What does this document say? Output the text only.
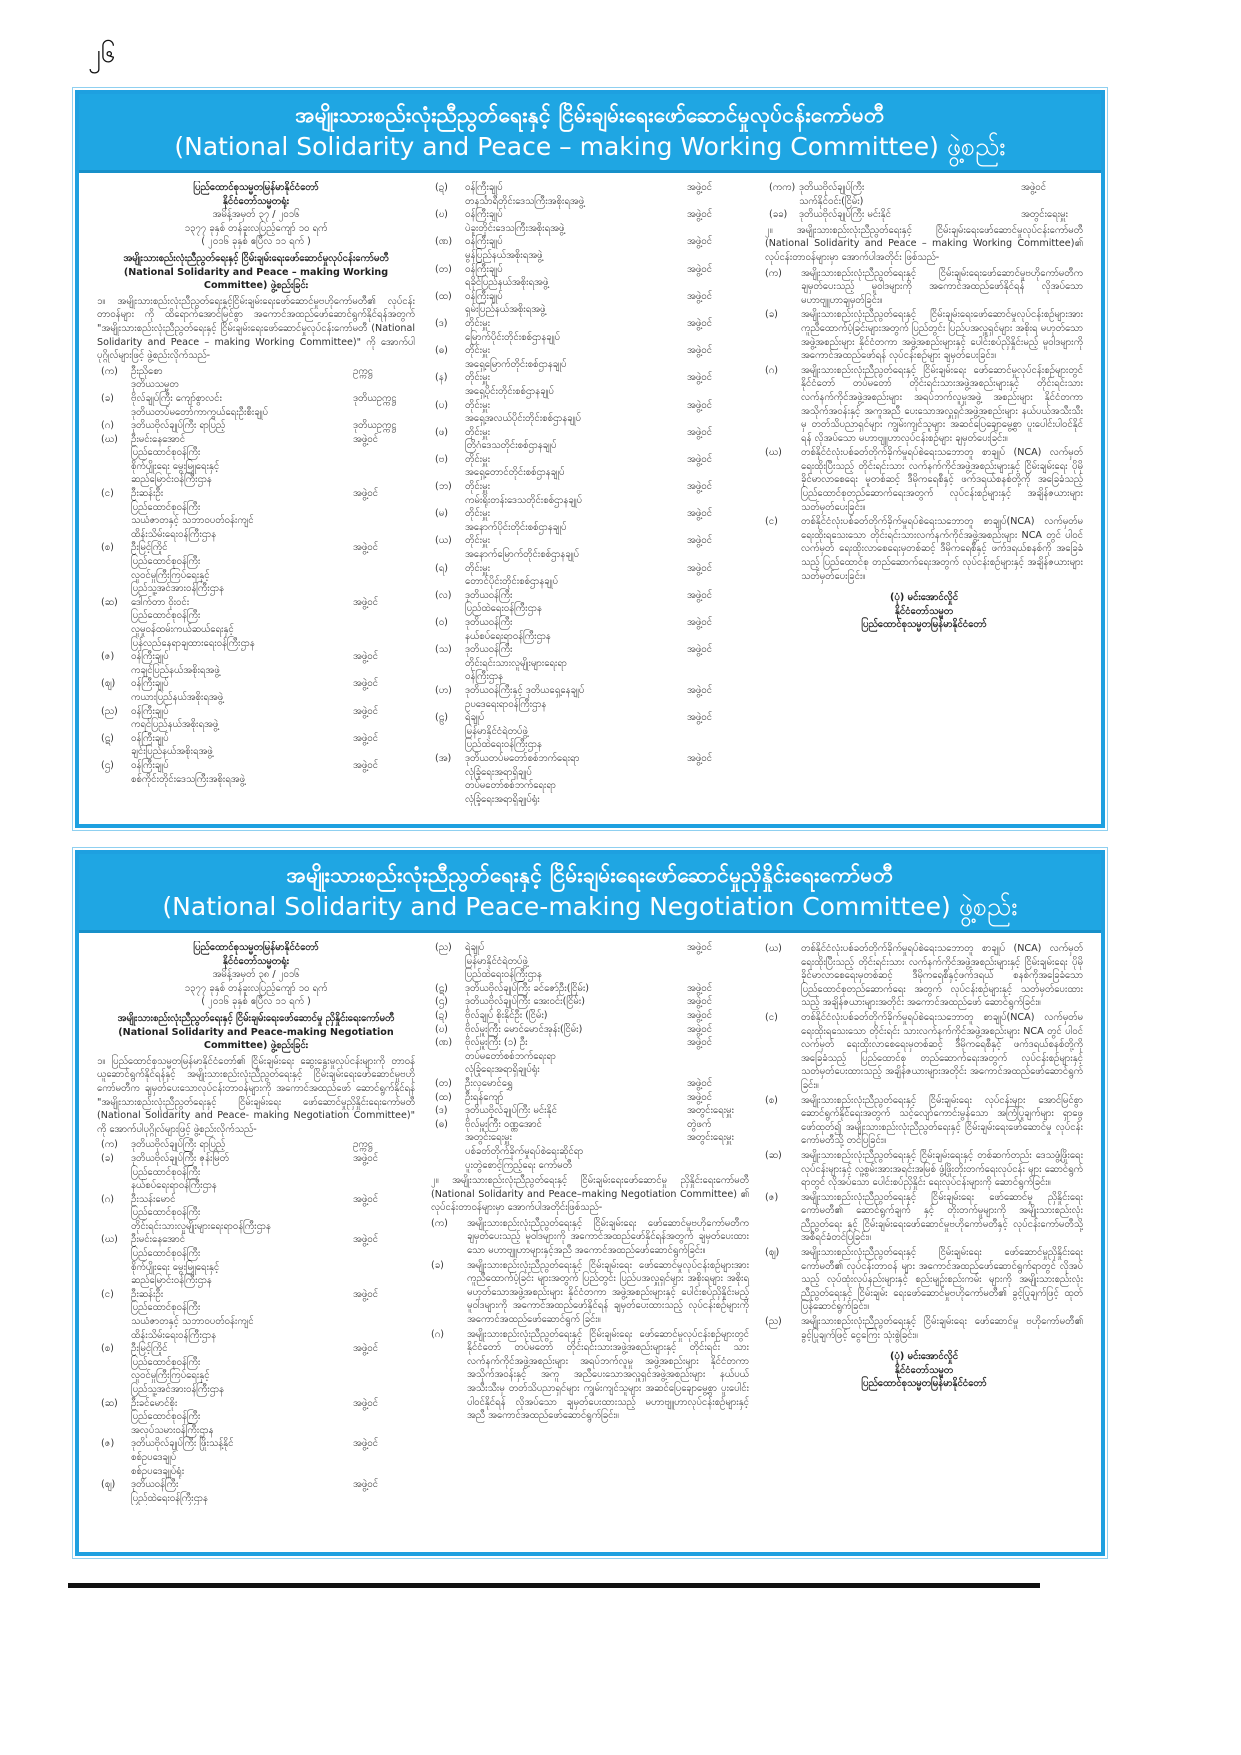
၂၆
အမျိုးသားစည်းလုံးညီညွတ်ရေးနှင့် ငြိမ်းချမ်းရေးဖော်ဆောင်မှုလုပ်ငန်းကော်မတီ
(National Solidarity and Peace – making Working Committee) ဖွဲ့စည်း
ပြည်ထောင်စုသမ္မတမြန်မာနိုင်ငံတော်
နိုင်ငံတော်သမ္မတရုံး
အမိန့်အမှတ် ၃၇ / ၂၀၁၆
၁၃၇၇ ခုနှစ် တန်ခူးလပြည့်ကျော် ၁၀ ရက်
( ၂၀၁၆ ခုနှစ် ဧပြီလ ၁၁ ရက် )
အမျိုးသားစည်းလုံးညီညွတ်ရေးနှင့် ငြိမ်းချမ်းရေးဖော်ဆောင်မှုလုပ်ငန်းကော်မတီ (National Solidarity and Peace – making Working Committee) ဖွဲ့စည်းခြင်း
၁။ အမျိုးသားစည်းလုံးညီညွတ်ရေးနှင့်ငြိမ်းချမ်းရေးဖော်ဆောင်မှုဗဟိုကော်မတီ၏ လုပ်ငန်းတာဝန်များ ကို ထိရောက်အောင်မြင်စွာ အကောင်အထည်ဖော်ဆောင်ရွက်နိုင်ရန်အတွက် "အမျိုးသားစည်းလုံးညီညွတ်ရေးနှင့် ငြိမ်းချမ်းရေးဖော်ဆောင်မှုလုပ်ငန်းကော်မတီ (National Solidarity and Peace – making Working Committee)" ကို အောက်ပါပုဂ္ဂိုလ်များဖြင့် ဖွဲ့စည်းလိုက်သည်-
(က)	ဦးညိုစော
ဒုတိယသမ္မတ
ဥက္ကဋ္ဌ
(ခ)	ဗိုလ်ချုပ်ကြီး ကျော်စွာလင်း
ဒုတိယတပ်မတော်ကာကွယ်ရေးဦးစီးချုပ်
ဒုတိယဥက္ကဋ္ဌ
(ဂ)	ဒုတိယဗိုလ်ချုပ်ကြီး ရာပြည့်	ဒုတိယဥက္ကဋ္ဌ
(ဃ)	ဦးမင်းနေအောင်
ပြည်ထောင်စုဝန်ကြီး
စိုက်ပျိုးရေး မွေးမြူရေးနှင့်
ဆည်မြောင်းဝန်ကြီးဌာန
အဖွဲ့ဝင်
(င)	ဦးဆန်းဦး
ပြည်ထောင်စုဝန်ကြီး
သယံဇာတနှင့် သဘာဝပတ်ဝန်းကျင်
ထိန်းသိမ်းရေးဝန်ကြီးဌာန
အဖွဲ့ဝင်
(စ)	ဦးမြင့်ကြိုင်
ပြည်ထောင်စုဝန်ကြီး
လူဝင်မှုကြီးကြပ်ရေးနှင့်
ပြည်သူ့အင်အားဝန်ကြီးဌာန
အဖွဲ့ဝင်
(ဆ)	ဒေါက်တာ ဝိုးဝင်း
ပြည်ထောင်စုဝန်ကြီး
လူမှုဝန်ထမ်းကယ်ဆယ်ရေးနှင့်
ပြန်လည်နေရာချထားရေးဝန်ကြီးဌာန
အဖွဲ့ဝင်
(ဇ)	ဝန်ကြီးချုပ်
ကချင်ပြည်နယ်အစိုးရအဖွဲ့
အဖွဲ့ဝင်
(ဈ)	ဝန်ကြီးချုပ်
ကယားပြည်နယ်အစိုးရအဖွဲ့
အဖွဲ့ဝင်
(ည)	ဝန်ကြီးချုပ်
ကရင်ပြည်နယ်အစိုးရအဖွဲ့
အဖွဲ့ဝင်
(ဋ)	ဝန်ကြီးချုပ်
ချင်းပြည်နယ်အစိုးရအဖွဲ့
အဖွဲ့ဝင်
(ဌ)	ဝန်ကြီးချုပ်
စစ်ကိုင်းတိုင်းဒေသကြီးအစိုးရအဖွဲ့
အဖွဲ့ဝင်
(ဍ)	ဝန်ကြီးချုပ်
တနင်္သာရီတိုင်းဒေသကြီးအစိုးရအဖွဲ့
အဖွဲ့ဝင်
(ဎ)	ဝန်ကြီးချုပ်
ပဲခူးတိုင်းဒေသကြီးအစိုးရအဖွဲ့
အဖွဲ့ဝင်
(ဏ)	ဝန်ကြီးချုပ်
မွန်ပြည်နယ်အစိုးရအဖွဲ့
အဖွဲ့ဝင်
(တ)	ဝန်ကြီးချုပ်
ရခိုင်ပြည်နယ်အစိုးရအဖွဲ့
အဖွဲ့ဝင်
(ထ)	ဝန်ကြီးချုပ်
ရှမ်းပြည်နယ်အစိုးရအဖွဲ့
အဖွဲ့ဝင်
(ဒ)	တိုင်းမှူး
မြောက်ပိုင်းတိုင်းစစ်ဌာနချုပ်
အဖွဲ့ဝင်
(ဓ)	တိုင်းမှူး
အရှေ့မြောက်တိုင်းစစ်ဌာနချုပ်
အဖွဲ့ဝင်
(န)	တိုင်းမှူး
အရှေ့ပိုင်းတိုင်းစစ်ဌာနချုပ်
အဖွဲ့ဝင်
(ပ)	တိုင်းမှူး
အရှေ့အလယ်ပိုင်းတိုင်းစစ်ဌာနချုပ်
အဖွဲ့ဝင်
(ဖ)	တိုင်းမှူး
တြိဂံဒေသတိုင်းစစ်ဌာနချုပ်
အဖွဲ့ဝင်
(ဗ)	တိုင်းမှူး
အရှေ့တောင်တိုင်းစစ်ဌာနချုပ်
အဖွဲ့ဝင်
(ဘ)	တိုင်းမှူး
ကမ်းရိုးတန်းဒေသတိုင်းစစ်ဌာနချုပ်
အဖွဲ့ဝင်
(မ)	တိုင်းမှူး
အနောက်ပိုင်းတိုင်းစစ်ဌာနချုပ်
အဖွဲ့ဝင်
(ယ)	တိုင်းမှူး
အနောက်မြောက်တိုင်းစစ်ဌာနချုပ်
အဖွဲ့ဝင်
(ရ)	တိုင်းမှူး
တောင်ပိုင်းတိုင်းစစ်ဌာနချုပ်
အဖွဲ့ဝင်
(လ)	ဒုတိယဝန်ကြီး
ပြည်ထဲရေးဝန်ကြီးဌာန
အဖွဲ့ဝင်
(ဝ)	ဒုတိယဝန်ကြီး
နယ်စပ်ရေးရာဝန်ကြီးဌာန
အဖွဲ့ဝင်
(သ)	ဒုတိယဝန်ကြီး
တိုင်းရင်းသားလူမျိုးများရေးရာ
ဝန်ကြီးဌာန
အဖွဲ့ဝင်
(ဟ)	ဒုတိယဝန်ကြီးနှင့် ဒုတိယရှေ့နေချုပ်
ဥပဒေရေးရာဝန်ကြီးဌာန
အဖွဲ့ဝင်
(ဠ)	ရဲချုပ်
မြန်မာနိုင်ငံရဲတပ်ဖွဲ့
ပြည်ထဲရေးဝန်ကြီးဌာန
အဖွဲ့ဝင်
(အ)	ဒုတိယတပ်မတော်စစ်ဘက်ရေးရာ
လုံခြုံရေးအရာရှိချုပ်
တပ်မတော်စစ်ဘက်ရေးရာ
လုံခြုံရေးအရာရှိချုပ်ရုံး
အဖွဲ့ဝင်
(ကက) ဒုတိယဗိုလ်ချုပ်ကြီး
သက်နိုင်ဝင်း(ငြိမ်း)
အဖွဲ့ဝင်
(ခခ)	ဒုတိယဗိုလ်ချုပ်ကြီး မင်းနိုင်	အတွင်းရေးမှူး
၂။ အမျိုးသားစည်းလုံးညီညွတ်ရေးနှင့် ငြိမ်းချမ်းရေးဖော်ဆောင်မှုလုပ်ငန်းကော်မတီ (National Solidarity and Peace – making Working Committee)၏ လုပ်ငန်းတာဝန်များမှာ အောက်ပါအတိုင်း ဖြစ်သည်-
(က)	အမျိုးသားစည်းလုံးညီညွတ်ရေးနှင့် ငြိမ်းချမ်းရေးဖော်ဆောင်မှုဗဟိုကော်မတီက ချမှတ်ပေးသည့် မူဝါဒများကို အကောင်အထည်ဖော်နိုင်ရန် လိုအပ်သော မဟာဗျူဟာချမှတ်ခြင်း။
(ခ)	အမျိုးသားစည်းလုံးညီညွတ်ရေးနှင့် ငြိမ်းချမ်းရေးဖော်ဆောင်မှုလုပ်ငန်းစဉ်များအား ကူညီထောက်ပံ့ခြင်းများအတွက် ပြည်တွင်း ပြည်ပအလှူရှင်များ အစိုးရ မဟုတ်သော အဖွဲ့အစည်းများ နိုင်ငံတကာ အဖွဲ့အစည်းများနှင့် ပေါင်းစပ်ညှိနှိုင်းမည့် မူဝါဒများကို အကောင်အထည်ဖော်ရန် လုပ်ငန်းစဉ်များ ချမှတ်ပေးခြင်း။
(ဂ)	အမျိုးသားစည်းလုံးညီညွတ်ရေးနှင့် ငြိမ်းချမ်းရေး ဖော်ဆောင်မှုလုပ်ငန်းစဉ်များတွင် နိုင်ငံတော် တပ်မတော် တိုင်းရင်းသားအဖွဲ့အစည်းများနှင့် တိုင်းရင်းသား လက်နက်ကိုင်အဖွဲ့အစည်းများ အရပ်ဘက်လူမှုအဖွဲ့ အစည်းများ နိုင်ငံတကာအသိုက်အဝန်းနှင့် အကူအညီ ပေးသောအလှူရှင်အဖွဲ့အစည်းများ နယ်ပယ်အသီးသီးမှ တတ်သိပညာရှင်များ ကျွမ်းကျင်သူများ အဆင်ပြေချောမွေ့စွာ ပူးပေါင်းပါဝင်နိုင်ရန် လိုအပ်သော မဟာဗျူဟာလုပ်ငန်းစဉ်များ ချမှတ်ပေးခြင်း။
(ဃ)	တစ်နိုင်ငံလုံးပစ်ခတ်တိုက်ခိုက်မှုရပ်စဲရေးသဘောတူ စာချုပ် (NCA) လက်မှတ်ရေးထိုးပြီးသည့် တိုင်းရင်းသား လက်နက်ကိုင်အဖွဲ့အစည်းများနှင့် ငြိမ်းချမ်းရေး ပိုမိုခိုင်မာလာစေရေး မူတစ်ဆင့် ဒီမိုကရေစီနှင့် ဖက်ဒရယ်စနစ်တို့ကို အခြေခံသည့် ပြည်ထောင်စုတည်ဆောက်ရေးအတွက် လုပ်ငန်းစဉ်များနှင့် အချိန်ဇယားများ သတ်မှတ်ပေးခြင်း။
(င)	တစ်နိုင်ငံလုံးပစ်ခတ်တိုက်ခိုက်မှုရပ်စဲရေးသဘောတူ စာချုပ်(NCA) လက်မှတ်မရေးထိုးရသေးသော တိုင်းရင်းသားလက်နက်ကိုင်အဖွဲ့အစည်းများ NCA တွင် ပါဝင် လက်မှတ် ရေးထိုးလာစေရေးမှတစ်ဆင့် ဒီမိုကရေစီနှင့် ဖက်ဒရယ်စနစ်ကို အခြေခံသည့် ပြည်ထောင်စု တည်ဆောက်ရေးအတွက် လုပ်ငန်းစဉ်များနှင့် အချိန်ဇယားများ သတ်မှတ်ပေးခြင်း။
(ပုံ) မင်းအောင်လှိုင်
နိုင်ငံတော်သမ္မတ
ပြည်ထောင်စုသမ္မတမြန်မာနိုင်ငံတော်
အမျိုးသားစည်းလုံးညီညွတ်ရေးနှင့် ငြိမ်းချမ်းရေးဖော်ဆောင်မှုညှိနှိုင်းရေးကော်မတီ
(National Solidarity and Peace-making Negotiation Committee) ဖွဲ့စည်း
ပြည်ထောင်စုသမ္မတမြန်မာနိုင်ငံတော်
နိုင်ငံတော်သမ္မတရုံး
အမိန့်အမှတ် ၃၈ / ၂၀၁၆
၁၃၇၇ ခုနှစ် တန်ခူးလပြည့်ကျော် ၁၀ ရက်
( ၂၀၁၆ ခုနှစ် ဧပြီလ ၁၁ ရက် )
အမျိုးသားစည်းလုံးညီညွတ်ရေးနှင့် ငြိမ်းချမ်းရေးဖော်ဆောင်မှု ညှိနှိုင်းရေးကော်မတီ (National Solidarity and Peace-making Negotiation Committee) ဖွဲ့စည်းခြင်း
၁။ ပြည်ထောင်စုသမ္မတမြန်မာနိုင်ငံတော်၏ ငြိမ်းချမ်းရေး ဆွေးနွေးမှုလုပ်ငန်းများကို တာဝန်ယူဆောင်ရွက်နိုင်ရန်နှင့် အမျိုးသားစည်းလုံးညီညွတ်ရေးနှင့် ငြိမ်းချမ်းရေးဖော်ဆောင်မှုဗဟိုကော်မတီက ချမှတ်ပေးသောလုပ်ငန်းတာဝန်များကို အကောင်အထည်ဖော် ဆောင်ရွက်နိုင်ရန် "အမျိုးသားစည်းလုံးညီညွတ်ရေးနှင့် ငြိမ်းချမ်းရေး ဖော်ဆောင်မှုညှိနှိုင်းရေးကော်မတီ (National Solidarity and Peace- making Negotiation Committee)" ကို အောက်ပါပုဂ္ဂိုလ်များဖြင့် ဖွဲ့စည်းလိုက်သည်-
(က)	ဒုတိယဗိုလ်ချုပ်ကြီး ရာပြည့်	ဥက္ကဋ္ဌ
(ခ)	ဒုတိယဗိုလ်ချုပ်ကြီး ဇုန်းမြတ်
ပြည်ထောင်စုဝန်ကြီး
နယ်စပ်ရေးရာဝန်ကြီးဌာန
အဖွဲ့ဝင်
(ဂ)	ဦးသန်းမောင်
ပြည်ထောင်စုဝန်ကြီး
တိုင်းရင်းသားလူမျိုးများရေးရာဝန်ကြီးဌာန
အဖွဲ့ဝင်
(ဃ)	ဦးမင်းနေအောင်
ပြည်ထောင်စုဝန်ကြီး
စိုက်ပျိုးရေး မွေးမြူရေးနှင့်
ဆည်မြောင်းဝန်ကြီးဌာန
အဖွဲ့ဝင်
(င)	ဦးဆန်းဦး
ပြည်ထောင်စုဝန်ကြီး
သယံဇာတနှင့် သဘာဝပတ်ဝန်းကျင်
ထိန်းသိမ်းရေးဝန်ကြီးဌာန
အဖွဲ့ဝင်
(စ)	ဦးမြင့်ကြိုင်
ပြည်ထောင်စုဝန်ကြီး
လူဝင်မှုကြီးကြပ်ရေးနှင့်
ပြည်သူ့အင်အားဝန်ကြီးဌာန
အဖွဲ့ဝင်
(ဆ)	ဦးခင်မောင်စိုး
ပြည်ထောင်စုဝန်ကြီး
အလုပ်သမားဝန်ကြီးဌာန
အဖွဲ့ဝင်
(ဇ)	ဒုတိယဗိုလ်ချုပ်ကြီး ဖြိုးသန့်နိုင်
စစ်ဥပဒေချုပ်
စစ်ဥပဒေချုပ်ရုံး
အဖွဲ့ဝင်
(ဈ)	ဒုတိယဝန်ကြီး
ပြည်ထဲရေးဝန်ကြီးဌာန
အဖွဲ့ဝင်
(ည)	ရဲချုပ်
မြန်မာနိုင်ငံရဲတပ်ဖွဲ့
ပြည်ထဲရေးဝန်ကြီးဌာန
အဖွဲ့ဝင်
(ဋ)	ဒုတိယဗိုလ်ချုပ်ကြီး ခင်ဇော်ဦး(ငြိမ်း)	အဖွဲ့ဝင်
(ဌ)	ဒုတိယဗိုလ်ချုပ်ကြီး အေးဝင်း(ငြိမ်း)	အဖွဲ့ဝင်
(ဍ)	ဗိုလ်ချုပ် စိုးနိုင်ဦး (ငြိမ်း)	အဖွဲ့ဝင်
(ဎ)	ဗိုလ်မှူးကြီး မောင်မောင်အုန်း(ငြိမ်း)	အဖွဲ့ဝင်
(ဏ)	ဗိုလ်မှူးကြီး (၁) ဦး
တပ်မတော်စစ်ဘက်ရေးရာ
လုံခြုံရေးအရာရှိချုပ်ရုံး
အဖွဲ့ဝင်
(တ)	ဦးလှမောင်ရွှေ	အဖွဲ့ဝင်
(ထ)	ဦးရန်ကျော်	အဖွဲ့ဝင်
(ဒ)	ဒုတိယဗိုလ်ချုပ်ကြီး မင်းနိုင်	အတွင်းရေးမှူး
(ဓ)	ဗိုလ်မှူးကြီး ဝဏ္ဏအောင်
အတွင်းရေးမှူး
ပစ်ခတ်တိုက်ခိုက်မှုရပ်စဲရေးဆိုင်ရာ
ပူးတွဲစောင့်ကြည့်ရေး ကော်မတီ
တွဲဖက်
အတွင်းရေးမှူး
၂။ အမျိုးသားစည်းလုံးညီညွတ်ရေးနှင့် ငြိမ်းချမ်းရေးဖော်ဆောင်မှု ညှိနှိုင်းရေးကော်မတီ (National Solidarity and Peace–making Negotiation Committee) ၏ လုပ်ငန်းတာဝန်များမှာ အောက်ပါအတိုင်းဖြစ်သည်-
(က)	အမျိုးသားစည်းလုံးညီညွတ်ရေးနှင့် ငြိမ်းချမ်းရေး ဖော်ဆောင်မှုဗဟိုကော်မတီက ချမှတ်ပေးသည့် မူဝါဒများကို အကောင်အထည်ဖော်နိုင်ရန်အတွက် ချမှတ်ပေးထားသော မဟာဗျူဟာများနှင့်အညီ အကောင်အထည်ဖော်ဆောင်ရွက်ခြင်း။
(ခ)	အမျိုးသားစည်းလုံးညီညွတ်ရေးနှင့် ငြိမ်းချမ်းရေး ဖော်ဆောင်မှုလုပ်ငန်းစဉ်များအား ကူညီထောက်ပံ့ခြင်း များအတွက် ပြည်တွင်း ပြည်ပအလှူရှင်များ အစိုးရများ အစိုးရ မဟုတ်သောအဖွဲ့အစည်းများ နိုင်ငံတကာ အဖွဲ့အစည်းများနှင့် ပေါင်းစပ်ညှိနှိုင်းမည့် မူဝါဒများကို အကောင်အထည်ဖော်နိုင်ရန် ချမှတ်ပေးထားသည့် လုပ်ငန်းစဉ်များကို အကောင်အထည်ဖော်ဆောင်ရွက် ခြင်း။
(ဂ)	အမျိုးသားစည်းလုံးညီညွတ်ရေးနှင့် ငြိမ်းချမ်းရေး ဖော်ဆောင်မှုလုပ်ငန်းစဉ်များတွင် နိုင်ငံတော် တပ်မတော် တိုင်းရင်းသားအဖွဲ့အစည်းများနှင့် တိုင်းရင်း သားလက်နက်ကိုင်အဖွဲ့အစည်းများ အရပ်ဘက်လူမှု အဖွဲ့အစည်းများ နိုင်ငံတကာအသိုက်အဝန်းနှင့် အကူ အညီပေးသောအလှူရှင်အဖွဲ့အစည်းများ နယ်ပယ် အသီးသီးမှ တတ်သိပညာရှင်များ ကျွမ်းကျင်သူများ အဆင်ပြေချောမွေ့စွာ ပူးပေါင်းပါဝင်နိုင်ရန် လိုအပ်သော ချမှတ်ပေးထားသည့် မဟာဗျူဟာလုပ်ငန်းစဉ်များနှင့် အညီ အကောင်အထည်ဖော်ဆောင်ရွက်ခြင်း။
(ဃ)	တစ်နိုင်ငံလုံးပစ်ခတ်တိုက်ခိုက်မှုရပ်စဲရေးသဘောတူ စာချုပ် (NCA) လက်မှတ်ရေးထိုးပြီးသည့် တိုင်းရင်းသား လက်နက်ကိုင်အဖွဲ့အစည်းများနှင့် ငြိမ်းချမ်းရေး ပိုမိုခိုင်မာလာစေရေးမှတစ်ဆင့် ဒီမိုကရေစီနှင့်ဖက်ဒရယ် စနစ်ကိုအခြေခံသော ပြည်ထောင်စုတည်ဆောက်ရေး အတွက် လုပ်ငန်းစဉ်များနှင့် သတ်မှတ်ပေးထားသည့် အချိန်ဇယားများအတိုင်း အကောင်အထည်ဖော် ဆောင်ရွက်ခြင်း။
(င)	တစ်နိုင်ငံလုံးပစ်ခတ်တိုက်ခိုက်မှုရပ်စဲရေးသဘောတူ စာချုပ်(NCA) လက်မှတ်မရေးထိုးရသေးသော တိုင်းရင်း သားလက်နက်ကိုင်အဖွဲ့အစည်းများ NCA တွင် ပါဝင် လက်မှတ် ရေးထိုးလာစေရေးမှတစ်ဆင့် ဒီမိုကရေစီနှင့် ဖက်ဒရယ်စနစ်တို့ကို အခြေခံသည့် ပြည်ထောင်စု တည်ဆောက်ရေးအတွက် လုပ်ငန်းစဉ်များနှင့် သတ်မှတ်ပေးထားသည့် အချိန်ဇယားများအတိုင်း အကောင်အထည်ဖော်ဆောင်ရွက်ခြင်း။
(စ)	အမျိုးသားစည်းလုံးညီညွတ်ရေးနှင့် ငြိမ်းချမ်းရေး လုပ်ငန်းများ အောင်မြင်စွာဆောင်ရွက်နိုင်ရေးအတွက် သင့်လျော်ကောင်းမွန်သော အကြံပြုချက်များ ရှာဖွေ ဖော်ထုတ်၍ အမျိုးသားစည်းလုံးညီညွတ်ရေးနှင့် ငြိမ်းချမ်းရေးဖော်ဆောင်မှု လုပ်ငန်းကော်မတီသို့ တင်ပြခြင်း။
(ဆ)	အမျိုးသားစည်းလုံးညီညွတ်ရေးနှင့် ငြိမ်းချမ်းရေးနှင့် တစ်ဆက်တည်း ဒေသဖွံ့ဖြိုးရေးလုပ်ငန်းများနှင့် လူ့စွမ်းအားအရင်းအမြစ် ဖွံ့ဖြိုးတိုးတက်ရေးလုပ်ငန်း များ ဆောင်ရွက်ရာတွင် လိုအပ်သော ပေါင်းစပ်ညှိနှိုင်း ရေးလုပ်ငန်းများကို ဆောင်ရွက်ခြင်း။
(ဇ)	အမျိုးသားစည်းလုံးညီညွတ်ရေးနှင့် ငြိမ်းချမ်းရေး ဖော်ဆောင်မှု ညှိနှိုင်းရေးကော်မတီ၏ ဆောင်ရွက်ချက် နှင့် တိုးတက်မှုများကို အမျိုးသားစည်းလုံးညီညွတ်ရေး နှင့် ငြိမ်းချမ်းရေးဖော်ဆောင်မှုဗဟိုကော်မတီနှင့် လုပ်ငန်းကော်မတီသို့ အစီရင်ခံတင်ပြခြင်း။
(ဈ)	အမျိုးသားစည်းလုံးညီညွတ်ရေးနှင့် ငြိမ်းချမ်းရေး ဖော်ဆောင်မှုညှိနှိုင်းရေးကော်မတီ၏ လုပ်ငန်းတာဝန် များ အကောင်အထည်ဖော်ဆောင်ရွက်ရာတွင် လိုအပ် သည့် လုပ်ထုံးလုပ်နည်းများနှင့် စည်းမျဉ်းစည်းကမ်း များကို အမျိုးသားစည်းလုံးညီညွတ်ရေးနှင့် ငြိမ်းချမ်း ရေးဖော်ဆောင်မှုဗဟိုကော်မတီ၏ ခွင့်ပြုချက်ဖြင့် ထုတ်ပြန်ဆောင်ရွက်ခြင်း။
(ည)	အမျိုးသားစည်းလုံးညီညွတ်ရေးနှင့် ငြိမ်းချမ်းရေး ဖော်ဆောင်မှု ဗဟိုကော်မတီ၏ ခွင့်ပြုချက်ဖြင့် ငွေကြေး သုံးစွဲခြင်း။
(ပုံ) မင်းအောင်လှိုင်
နိုင်ငံတော်သမ္မတ
ပြည်ထောင်စုသမ္မတမြန်မာနိုင်ငံတော်
